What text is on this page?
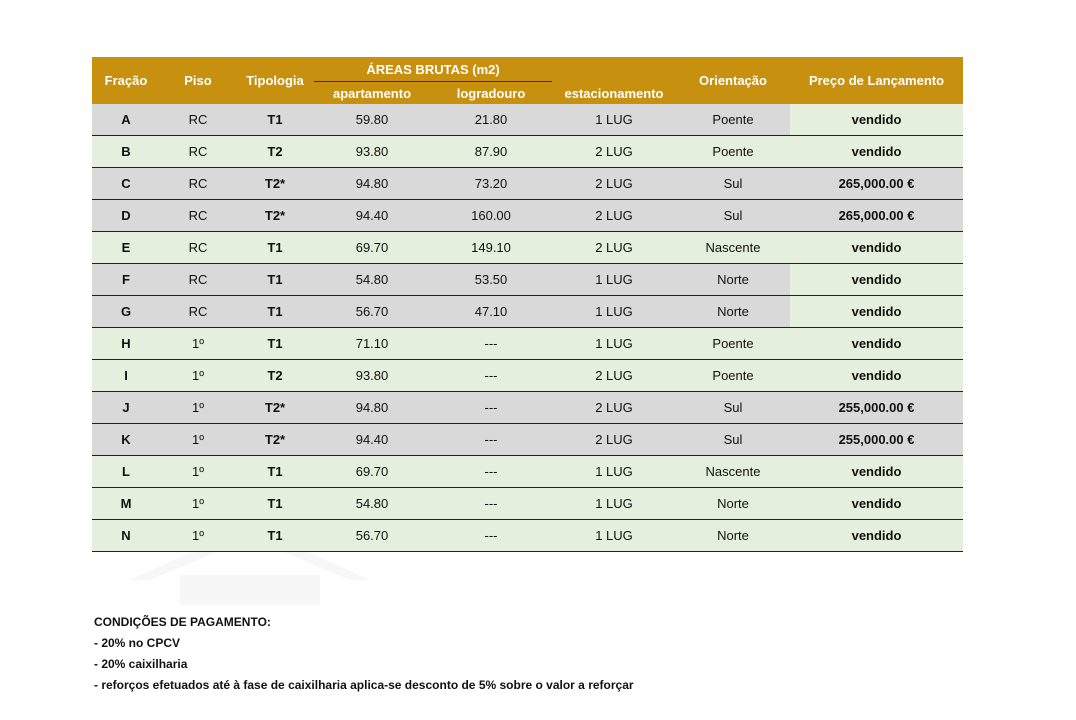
Fração	Piso	Tipologia	ÁREAS BRUTAS (m2)		estacionamento	Orientação	Preço de Lançamento
			apartamento	logradouro			
A	RC	T1	59.80	21.80	1 LUG	Poente	vendido
B	RC	T2	93.80	87.90	2 LUG	Poente	vendido
C	RC	T2*	94.80	73.20	2 LUG	Sul	265,000.00 €
D	RC	T2*	94.40	160.00	2 LUG	Sul	265,000.00 €
E	RC	T1	69.70	149.10	2 LUG	Nascente	vendido
F	RC	T1	54.80	53.50	1 LUG	Norte	vendido
G	RC	T1	56.70	47.10	1 LUG	Norte	vendido
H	1º	T1	71.10	---	1 LUG	Poente	vendido
I	1º	T2	93.80	---	2 LUG	Poente	vendido
J	1º	T2*	94.80	---	2 LUG	Sul	255,000.00 €
K	1º	T2*	94.40	---	2 LUG	Sul	255,000.00 €
L	1º	T1	69.70	---	1 LUG	Nascente	vendido
M	1º	T1	54.80	---	1 LUG	Norte	vendido
N	1º	T1	56.70	---	1 LUG	Norte	vendido
CONDIÇÕES DE PAGAMENTO:
- 20% no CPCV
- 20% caixilharia
- reforços efetuados até à fase de caixilharia aplica-se desconto de 5% sobre o valor a reforçar
